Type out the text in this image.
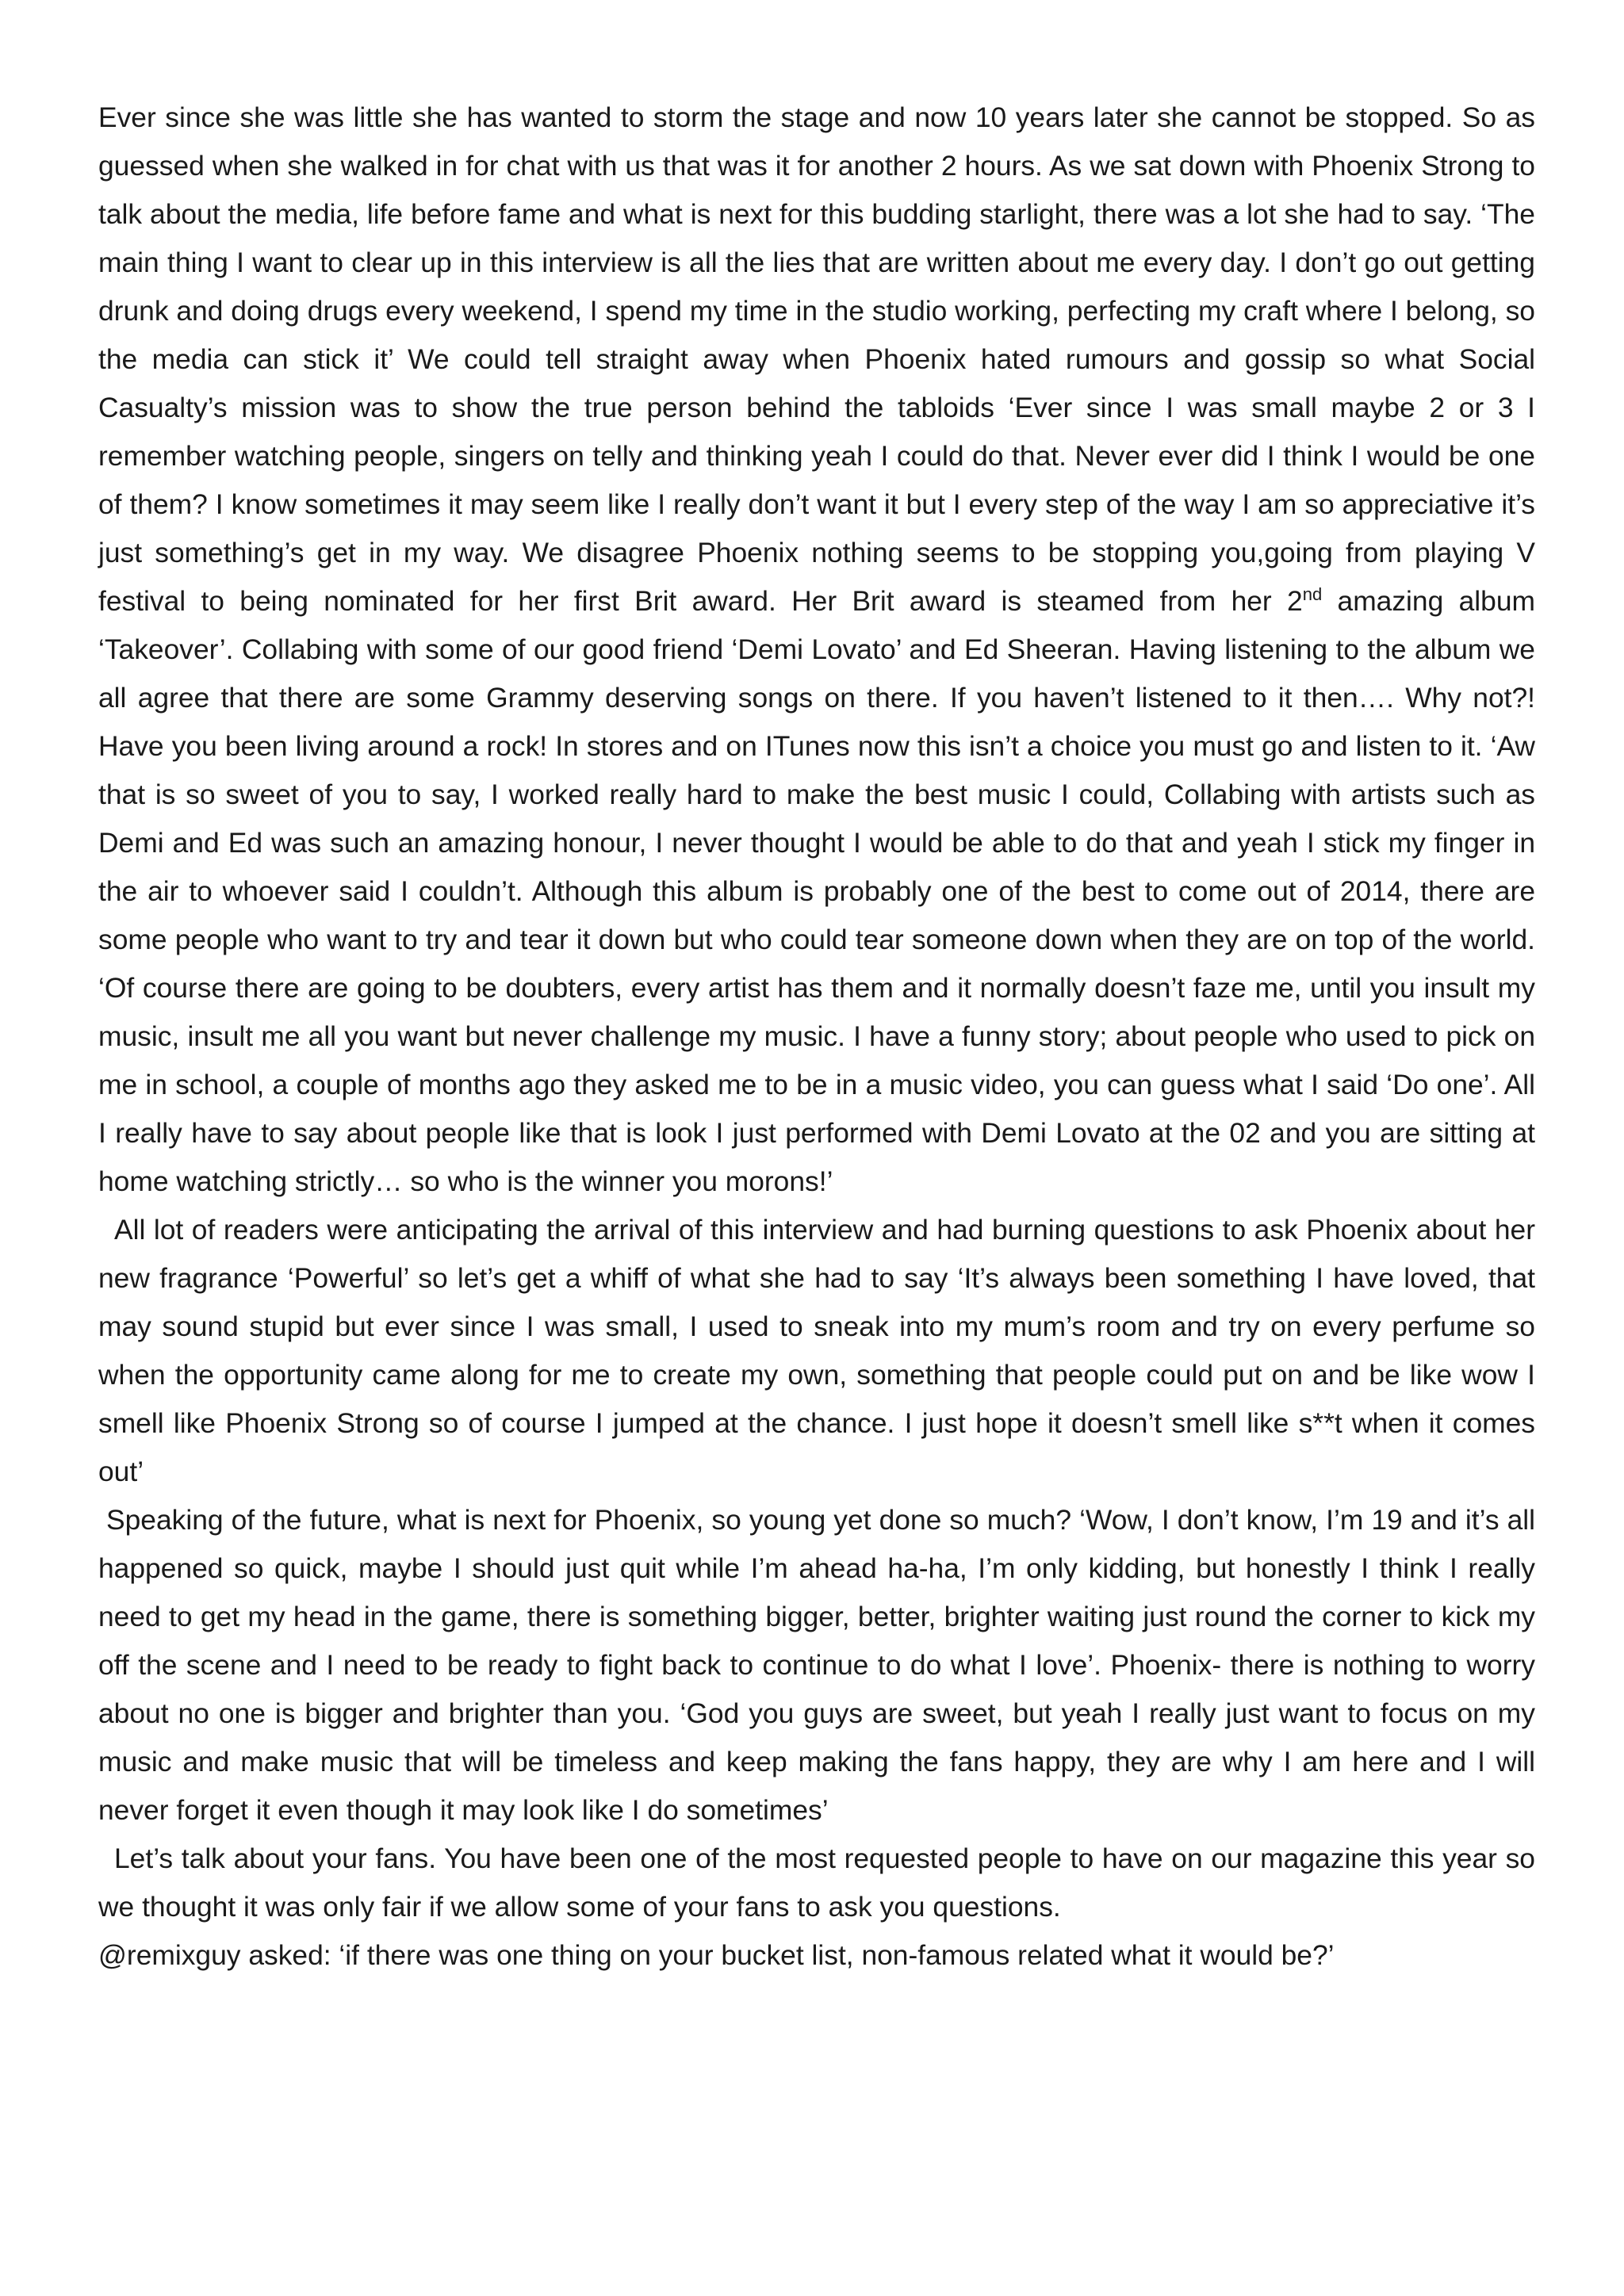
Ever since she was little she has wanted to storm the stage and now 10 years later she cannot be stopped. So as guessed when she walked in for chat with us that was it for another 2 hours. As we sat down with Phoenix Strong to talk about the media, life before fame and what is next for this budding starlight, there was a lot she had to say. ‘The main thing I want to clear up in this interview is all the lies that are written about me every day. I don’t go out getting drunk and doing drugs every weekend, I spend my time in the studio working, perfecting my craft where I belong, so the media can stick it’ We could tell straight away when Phoenix hated rumours and gossip so what Social Casualty’s mission was to show the true person behind the tabloids ‘Ever since I was small maybe 2 or 3 I remember watching people, singers on telly and thinking yeah I could do that. Never ever did I think I would be one of them? I know sometimes it may seem like I really don’t want it but I every step of the way I am so appreciative it’s just something’s get in my way. We disagree Phoenix nothing seems to be stopping you,going from playing V festival to being nominated for her first Brit award. Her Brit award is steamed from her 2nd amazing album ‘Takeover’. Collabing with some of our good friend ‘Demi Lovato’ and Ed Sheeran. Having listening to the album we all agree that there are some Grammy deserving songs on there. If you haven’t listened to it then…. Why not?! Have you been living around a rock! In stores and on ITunes now this isn’t a choice you must go and listen to it. ‘Aw that is so sweet of you to say, I worked really hard to make the best music I could, Collabing with artists such as Demi and Ed was such an amazing honour, I never thought I would be able to do that and yeah I stick my finger in the air to whoever said I couldn’t. Although this album is probably one of the best to come out of 2014, there are some people who want to try and tear it down but who could tear someone down when they are on top of the world. ‘Of course there are going to be doubters, every artist has them and it normally doesn’t faze me, until you insult my music, insult me all you want but never challenge my music. I have a funny story; about people who used to pick on me in school, a couple of months ago they asked me to be in a music video, you can guess what I said ‘Do one’. All I really have to say about people like that is look I just performed with Demi Lovato at the 02 and you are sitting at home watching strictly… so who is the winner you morons!’

All lot of readers were anticipating the arrival of this interview and had burning questions to ask Phoenix about her new fragrance ‘Powerful’ so let’s get a whiff of what she had to say ‘It’s always been something I have loved, that may sound stupid but ever since I was small, I used to sneak into my mum’s room and try on every perfume so when the opportunity came along for me to create my own, something that people could put on and be like wow I smell like Phoenix Strong so of course I jumped at the chance. I just hope it doesn’t smell like s**t when it comes out’

Speaking of the future, what is next for Phoenix, so young yet done so much? ‘Wow, I don’t know, I’m 19 and it’s all happened so quick, maybe I should just quit while I’m ahead ha-ha, I’m only kidding, but honestly I think I really need to get my head in the game, there is something bigger, better, brighter waiting just round the corner to kick my off the scene and I need to be ready to fight back to continue to do what I love’. Phoenix- there is nothing to worry about no one is bigger and brighter than you. ‘God you guys are sweet, but yeah I really just want to focus on my music and make music that will be timeless and keep making the fans happy, they are why I am here and I will never forget it even though it may look like I do sometimes’

Let’s talk about your fans. You have been one of the most requested people to have on our magazine this year so we thought it was only fair if we allow some of your fans to ask you questions.

@remixguy asked: ‘if there was one thing on your bucket list, non-famous related what it would be?’
